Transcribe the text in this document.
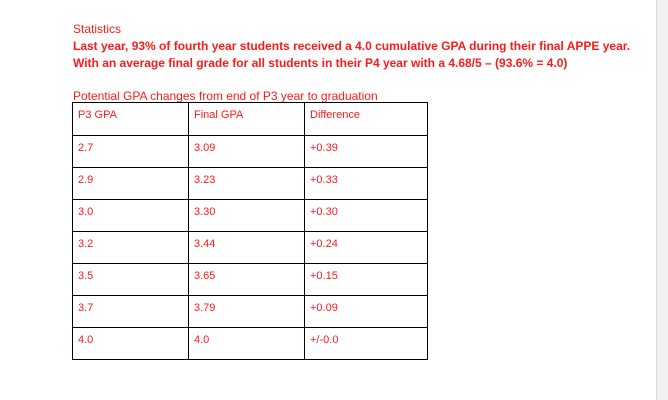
Statistics
Last year, 93% of fourth year students received a 4.0 cumulative GPA during their final APPE year.
With an average final grade for all students in their P4 year with a 4.68/5 – (93.6% = 4.0)
Potential GPA changes from end of P3 year to graduation
P3 GPA	Final GPA	Difference
2.7	3.09	+0.39
2.9	3.23	+0.33
3.0	3.30	+0.30
3.2	3.44	+0.24
3.5	3.65	+0.15
3.7	3.79	+0.09
4.0	4.0	+/-0.0
